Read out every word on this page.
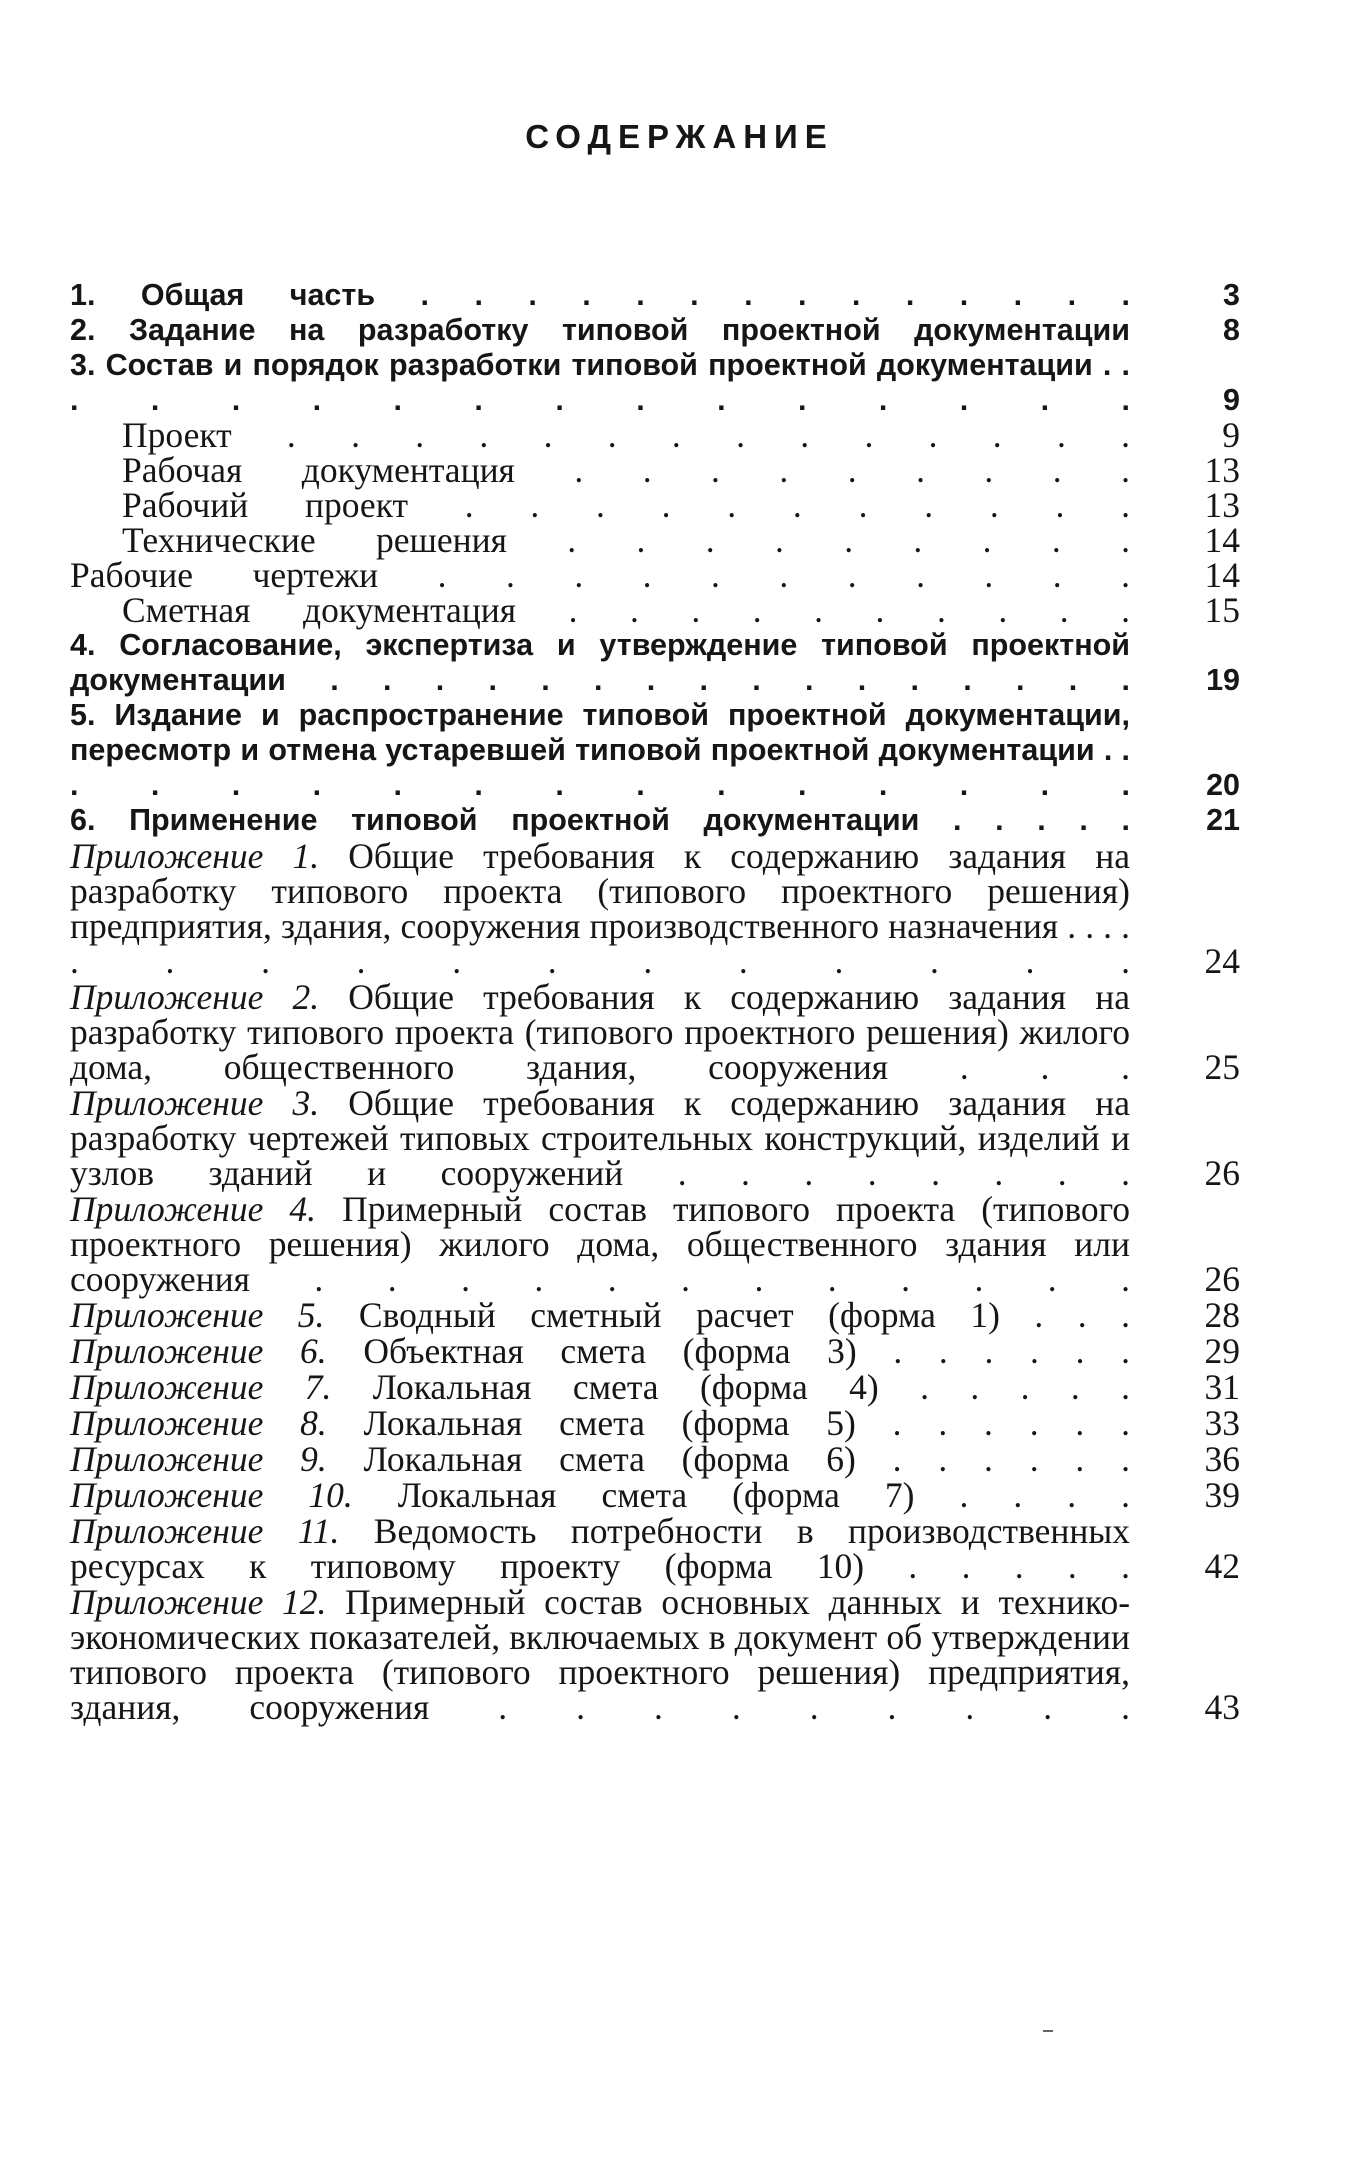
СОДЕРЖАНИЕ
1. Общая часть . . . . . . . . . . . . . .	3
2. Задание на разработку типовой проектной документации	8
3. Состав и порядок разработки типовой проектной документации . . . . . . . . . . . . . . . .	9
Проект . . . . . . . . . . . . . .	9
Рабочая документация . . . . . . . . .	13
Рабочий проект . . . . . . . . . . .	13
Технические решения . . . . . . . . .	14
Рабочие чертежи . . . . . . . . . . .	14
Сметная документация . . . . . . . . . .	15
4. Согласование, экспертиза и утверждение типовой проектной документации . . . . . . . . . . . . . . . .	19
5. Издание и распространение типовой проектной документации, пересмотр и отмена устаревшей типовой проектной документации . . . . . . . . . . . . . . . .	20
6. Применение типовой проектной документации . . . . .	21
Приложение 1. Общие требования к содержанию задания на разработку типового проекта (типового проектного решения) предприятия, здания, сооружения производственного назначения . . . . . . . . . . . . . . . .	24
Приложение 2. Общие требования к содержанию задания на разработку типового проекта (типового проектного решения) жилого дома, общественного здания, сооружения . . .	25
Приложение 3. Общие требования к содержанию задания на разработку чертежей типовых строительных конструкций, изделий и узлов зданий и сооружений . . . . . . . .	26
Приложение 4. Примерный состав типового проекта (типового проектного решения) жилого дома, общественного здания или сооружения . . . . . . . . . . . .	26
Приложение 5. Сводный сметный расчет (форма 1) . . .	28
Приложение 6. Объектная смета (форма 3) . . . . . .	29
Приложение 7. Локальная смета (форма 4) . . . . .	31
Приложение 8. Локальная смета (форма 5) . . . . . .	33
Приложение 9. Локальная смета (форма 6) . . . . . .	36
Приложение 10. Локальная смета (форма 7) . . . .	39
Приложение 11. Ведомость потребности в производственных ресурсах к типовому проекту (форма 10) . . . . .	42
Приложение 12. Примерный состав основных данных и технико-экономических показателей, включаемых в документ об утверждении типового проекта (типового проектного решения) предприятия, здания, сооружения . . . . . . . . .	43
